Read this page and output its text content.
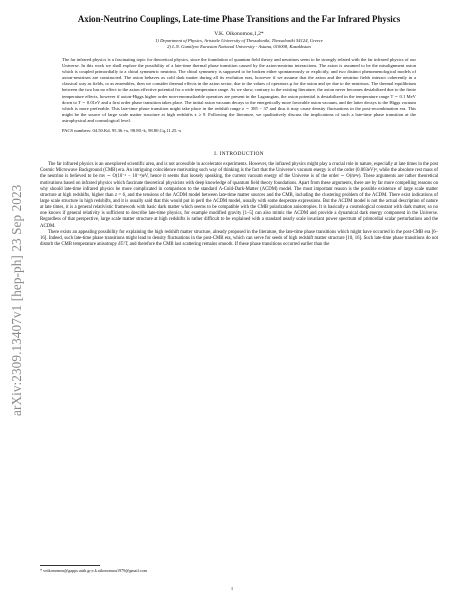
arXiv:2309.13407v1 [hep-ph] 23 Sep 2023
Axion-Neutrino Couplings, Late-time Phase Transitions and the Far Infrared Physics
V.K. Oikonomou,1,2*
1) Department of Physics, Aristotle University of Thessaloniki, Thessaloniki 54124, Greece
2) L.N. Gumilyov Eurasian National University - Astana, 010008, Kazakhstan

The far infrared physics is a fascinating topic for theoretical physics, since the foundation of quantum field theory and neutrinos seem to be strongly related with the far infrared physics of our Universe. In this work we shall explore the possibility of a late-time thermal phase transition caused by the axion-neutrino interactions. The axion is assumed to be the misalignment axion which is coupled primordially to a chiral symmetric neutrino. The chiral symmetry is supposed to be broken either spontaneously or explicitly, and two distinct phenomenological models of axion-neutrinos are constructed. The axion behaves as cold dark matter during all its evolution eras, however if we assume that the axion and the neutrino fields interact coherently in a classical way as fields, or as ensembles, then we consider thermal effects in the axion sector, due to the values of operators φ for the axion and ψν due to the neutrinos. The thermal equilibrium between the two has no effect to the axion effective potential for a wide temperature range. As we show, contrary to the existing literature, the axion never becomes destabilized due to the finite temperature effects, however if axion-Higgs higher order non-renormalizable operators are present in the Lagrangian, the axion potential is destabilized in the temperature range T ∼ 0.1 MeV down to T ∼ 0.01eV and a first order phase transition takes place. The initial axion vacuum decays to the energetically more favorable axion vacuum, and the latter decays to the Higgs vacuum which is more preferable. This late-time phase transition might take place in the redshift range z ∼ 385 − 37 and thus it may cause density fluctuations in the post-recombination era. This might be the source of large scale matter structure at high redshifts z ≥ 9. Following the literature, we qualitatively discuss the implications of such a late-time phase transition at the astrophysical and cosmological level.

PACS numbers: 04.50.Kd, 95.36.+x, 98.80.-k, 98.80.Cq,11.25.-x
I. INTRODUCTION

The far infrared physics is an unexplored scientific area, and is not accessible in accelerator experiments. However, the infrared physics might play a crucial role in nature, especially at late times in the post Cosmic Microwave Background (CMB) era. An intriguing coincidence motivating such way of thinking is the fact that the Universe's vacuum energy is of the order (0.003eV)⁴, while the absolute rest mass of the neutrino is believed to be mν ∼ O(10⁻¹ − 10⁻³)eV, hence it seems that loosely speaking, the current vacuum energy of the Universe is of the order ∼ O(m⁴ν). These arguments are rather theoretical motivations based on infrared physics which fascinate theoretical physicists with deep knowledge of quantum field theory foundations. Apart from these arguments, there are by far more compelling reasons on why should late-time infrared physics be more complicated in comparison to the standard Λ-Cold-Dark-Matter (ΛCDM) model. The most important reason is the possible existence of large scale matter structure at high redshifts, higher than z = 6, and the tensions of the ΛCDM model between late-time matter sources and the CMB, including the clustering problem of the ΛCDM. There exist indications of large scale structure in high redshifts, and it is usually said that this would put in peril the ΛCDM model, usually with some desperate expressions. But the ΛCDM model is not the actual description of nature at late times, it is a general relativistic framework with basic dark matter which seems to be compatible with the CMB polarization anisotropies. It is basically a cosmological constant with dark matter, so no one knows if general relativity is sufficient to describe late-time physics, for example modified gravity [1–5] can also mimic the ΛCDM and provide a dynamical dark energy component in the Universe. Regardless of that perspective, large scale matter structure at high redshifts is rather difficult to be explained with a standard nearly scale invariant power spectrum of primordial scalar perturbations and the ΛCDM.

There exists an appealing possibility for explaining the high redshift matter structure, already proposed in the literature, the late-time phase transitions which might have occurred in the post-CMB era [6–16]. Indeed, such late-time phase transitions might lead to density fluctuations in the post-CMB era, which can serve for seeds of high redshift matter structure [10, 16]. Such late-time phase transitions do not disturb the CMB temperature anisotropy δT/T, and therefore the CMB last scattering remains smooth. If these phase transitions occurred earlier than the

* voikonomou@gapps.auth.gr;v.k.oikonomou1979@gmail.com
1
